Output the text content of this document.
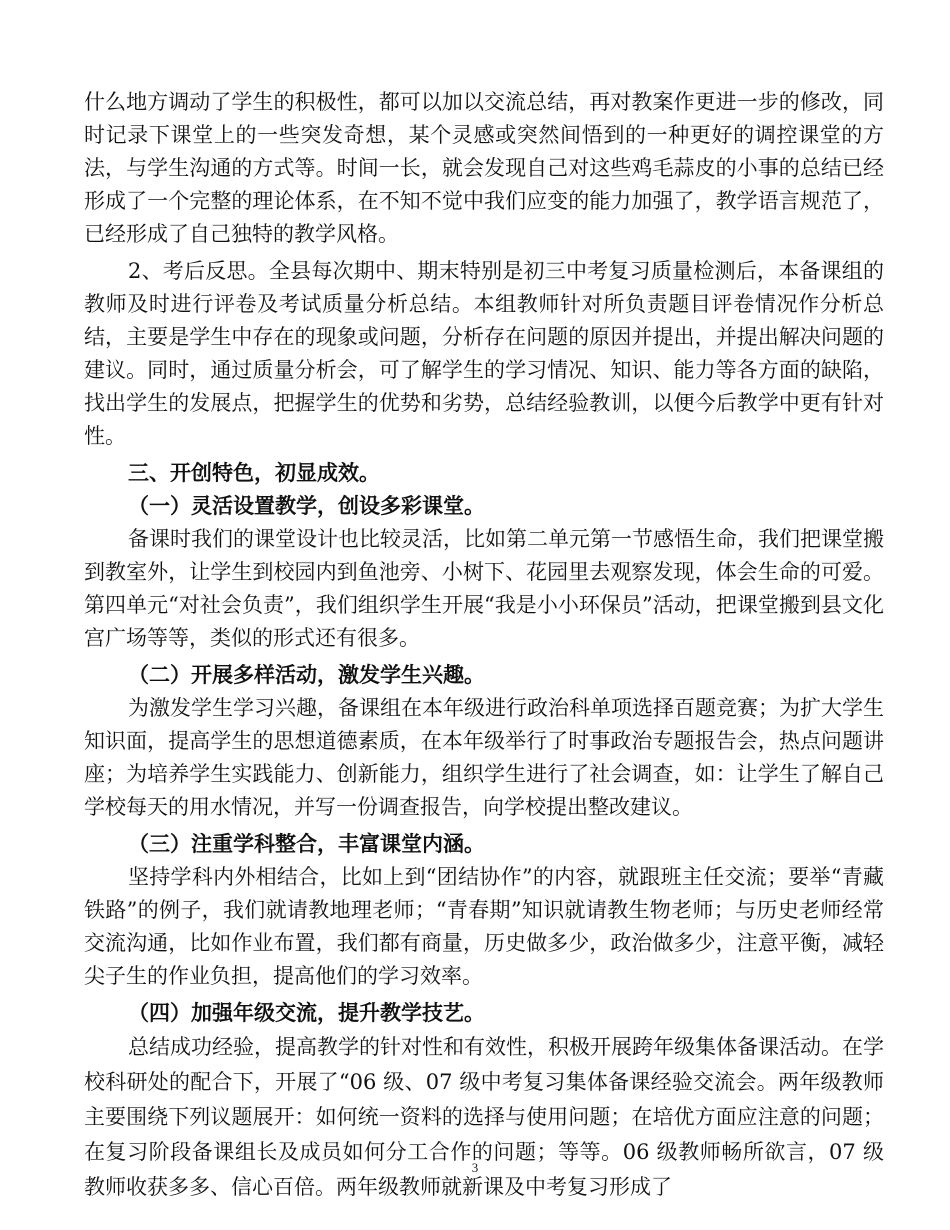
什么地方调动了学生的积极性，都可以加以交流总结，再对教案作更进一步的修改，同时记录下课堂上的一些突发奇想，某个灵感或突然间悟到的一种更好的调控课堂的方法，与学生沟通的方式等。时间一长，就会发现自己对这些鸡毛蒜皮的小事的总结已经形成了一个完整的理论体系，在不知不觉中我们应变的能力加强了，教学语言规范了，已经形成了自己独特的教学风格。

2、考后反思。全县每次期中、期末特别是初三中考复习质量检测后，本备课组的教师及时进行评卷及考试质量分析总结。本组教师针对所负责题目评卷情况作分析总结，主要是学生中存在的现象或问题，分析存在问题的原因并提出，并提出解决问题的建议。同时，通过质量分析会，可了解学生的学习情况、知识、能力等各方面的缺陷，找出学生的发展点，把握学生的优势和劣势，总结经验教训，以便今后教学中更有针对性。

三、开创特色，初显成效。

（一）灵活设置教学，创设多彩课堂。

备课时我们的课堂设计也比较灵活，比如第二单元第一节感悟生命，我们把课堂搬到教室外，让学生到校园内到鱼池旁、小树下、花园里去观察发现，体会生命的可爱。第四单元“对社会负责”，我们组织学生开展“我是小小环保员”活动，把课堂搬到县文化宫广场等等，类似的形式还有很多。

（二）开展多样活动，激发学生兴趣。

为激发学生学习兴趣，备课组在本年级进行政治科单项选择百题竞赛；为扩大学生知识面，提高学生的思想道德素质，在本年级举行了时事政治专题报告会，热点问题讲座；为培养学生实践能力、创新能力，组织学生进行了社会调查，如：让学生了解自己学校每天的用水情况，并写一份调查报告，向学校提出整改建议。

（三）注重学科整合，丰富课堂内涵。

坚持学科内外相结合，比如上到“团结协作”的内容，就跟班主任交流；要举“青藏铁路”的例子，我们就请教地理老师；“青春期”知识就请教生物老师；与历史老师经常交流沟通，比如作业布置，我们都有商量，历史做多少，政治做多少，注意平衡，减轻尖子生的作业负担，提高他们的学习效率。

（四）加强年级交流，提升教学技艺。

总结成功经验，提高教学的针对性和有效性，积极开展跨年级集体备课活动。在学校科研处的配合下，开展了“06 级、07 级中考复习集体备课经验交流会。两年级教师主要围绕下列议题展开：如何统一资料的选择与使用问题；在培优方面应注意的问题；在复习阶段备课组长及成员如何分工合作的问题；等等。06 级教师畅所欲言，07 级教师收获多多、信心百倍。两年级教师就新课及中考复习形成了

3
